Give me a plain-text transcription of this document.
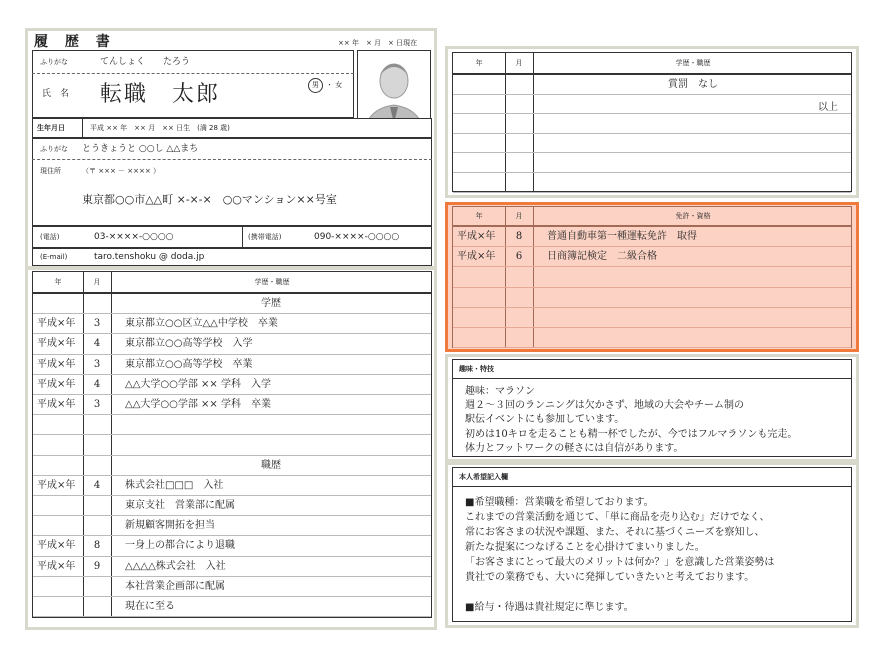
履 歴 書	×× 年　× 月　× 日現在
ふりがな	てんしょく　　たろう
氏　名 転職　太郎	男 ・ 女
生年月日	平成 ×× 年　×× 月　×× 日生　(満 28 歳)
ふりがな とうきょうと ○○し △△まち
現住所	（〒 ××× － ×××× ）
東京都○○市△△町 ×-×-×　○○マンション××号室
(電話)	03-××××-○○○○	(携帯電話)	090-××××-○○○○
(E-mail)	taro.tenshoku @ doda.jp
年	月	学歴・職歴
学歴
平成×年	3	東京都立○○区立△△中学校　卒業
平成×年	4	東京都立○○高等学校　入学
平成×年	3	東京都立○○高等学校　卒業
平成×年	4	△△大学○○学部 ×× 学科　入学
平成×年	3	△△大学○○学部 ×× 学科　卒業
職歴
平成×年	4	株式会社□□□　入社
東京支社　営業部に配属
新規顧客開拓を担当
平成×年	8	一身上の都合により退職
平成×年	9	△△△△株式会社　入社
本社営業企画部に配属
現在に至る
年	月	学歴・職歴
賞罰　なし
以上
年	月	免許・資格
平成×年	8	普通自動車第一種運転免許　取得
平成×年	6	日商簿記検定　二級合格
趣味・特技
趣味：マラソン
週２～３回のランニングは欠かさず、地域の大会やチーム制の
駅伝イベントにも参加しています。
初めは10キロを走ることも精一杯でしたが、今ではフルマラソンも完走。
体力とフットワークの軽さには自信があります。
本人希望記入欄
■希望職種：営業職を希望しております。
これまでの営業活動を通じて、「単に商品を売り込む」だけでなく、
常にお客さまの状況や課題、また、それに基づくニーズを察知し、
新たな提案につなげることを心掛けてまいりました。
「お客さまにとって最大のメリットは何か？」を意識した営業姿勢は
貴社での業務でも、大いに発揮していきたいと考えております。
■給与・待遇は貴社規定に準じます。
